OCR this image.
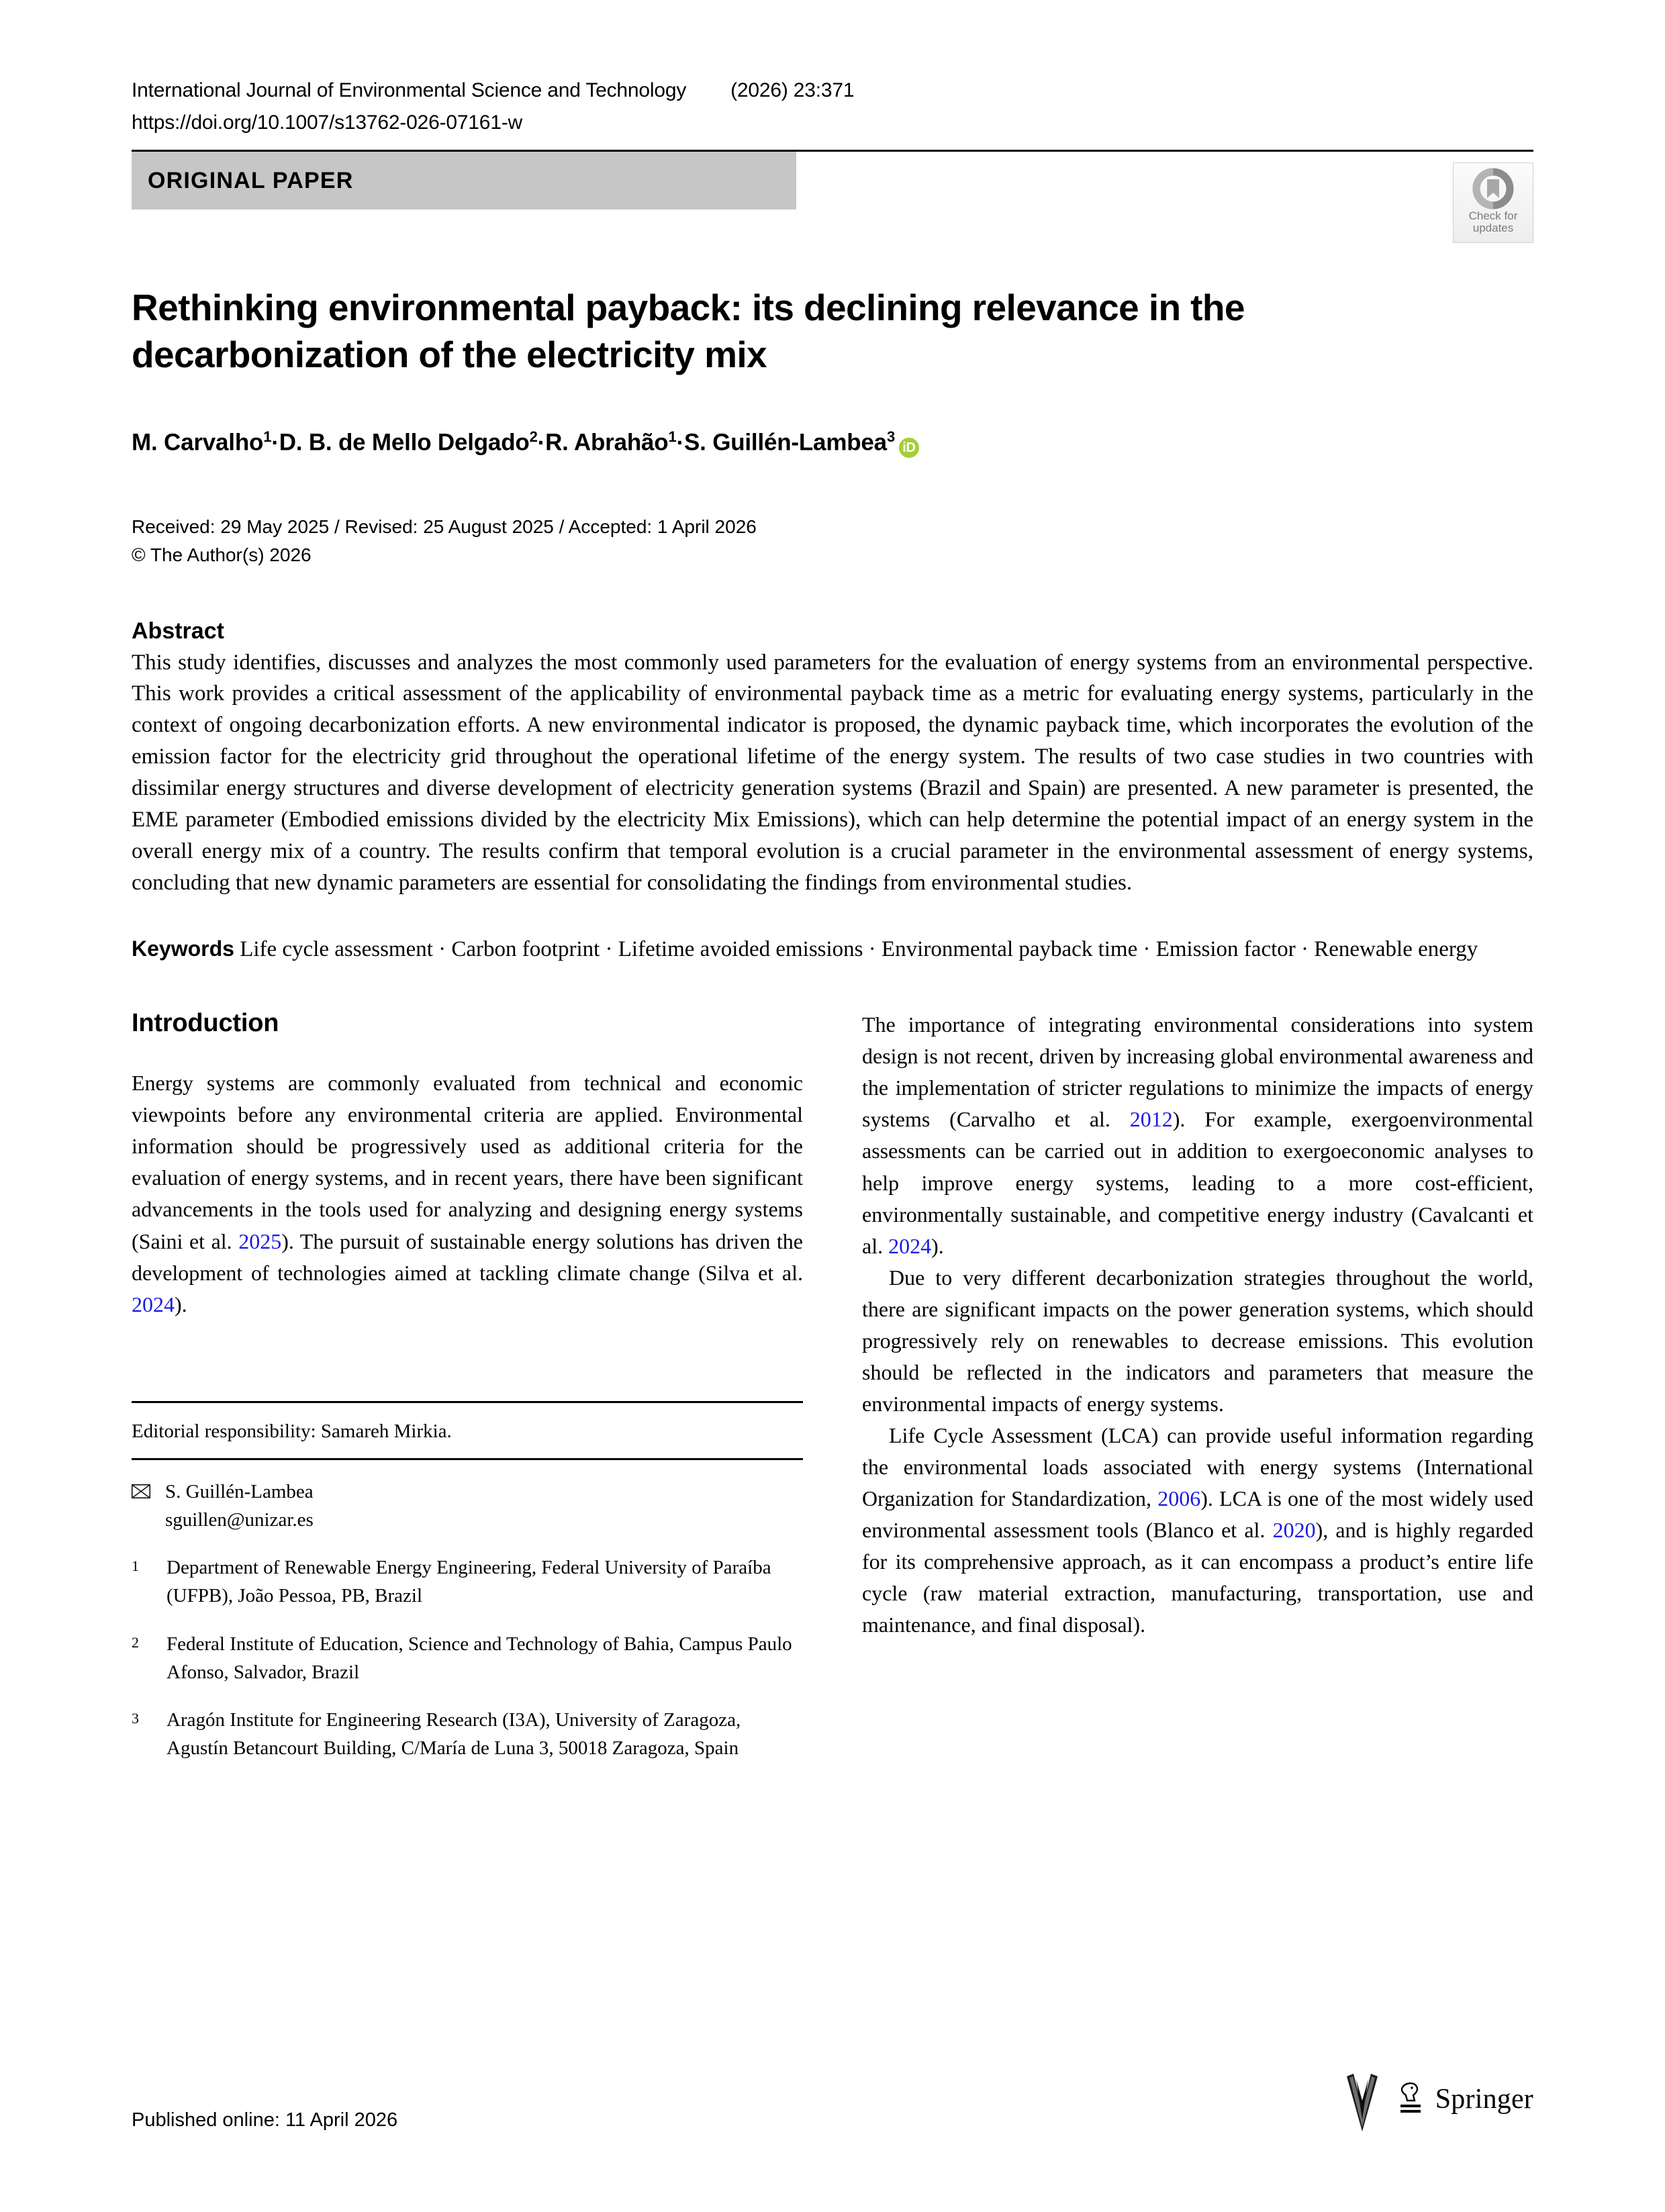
International Journal of Environmental Science and Technology (2026) 23:371
https://doi.org/10.1007/s13762-026-07161-w
ORIGINAL PAPER
Check for
updates
Rethinking environmental payback: its declining relevance in the decarbonization of the electricity mix
M. Carvalho$^1$ · D. B. de Mello Delgado$^2$ · R. Abrahão$^1$ · S. Guillén-Lambea$^3$
iD
Received: 29 May 2025 / Revised: 25 August 2025 / Accepted: 1 April 2026
© The Author(s) 2026
Abstract
This study identifies, discusses and analyzes the most commonly used parameters for the evaluation of energy systems from an environmental perspective. This work provides a critical assessment of the applicability of environmental payback time as a metric for evaluating energy systems, particularly in the context of ongoing decarbonization efforts. A new environmental indicator is proposed, the dynamic payback time, which incorporates the evolution of the emission factor for the electricity grid throughout the operational lifetime of the energy system. The results of two case studies in two countries with dissimilar energy structures and diverse development of electricity generation systems (Brazil and Spain) are presented. A new parameter is presented, the EME parameter (Embodied emissions divided by the electricity Mix Emissions), which can help determine the potential impact of an energy system in the overall energy mix of a country. The results confirm that temporal evolution is a crucial parameter in the environmental assessment of energy systems, concluding that new dynamic parameters are essential for consolidating the findings from environmental studies.
Keywords Life cycle assessment · Carbon footprint · Lifetime avoided emissions · Environmental payback time · Emission factor · Renewable energy
Introduction

Energy systems are commonly evaluated from technical and economic viewpoints before any environmental criteria are applied. Environmental information should be progressively used as additional criteria for the evaluation of energy systems, and in recent years, there have been significant advancements in the tools used for analyzing and designing energy systems (Saini et al. 2025). The pursuit of sustainable energy solutions has driven the development of technologies aimed at tackling climate change (Silva et al. 2024).

Editorial responsibility: Samareh Mirkia.
S. Guillén-Lambea
sguillen@unizar.es
1	Department of Renewable Energy Engineering, Federal University of Paraíba (UFPB), João Pessoa, PB, Brazil
2	Federal Institute of Education, Science and Technology of Bahia, Campus Paulo Afonso, Salvador, Brazil
3	Aragón Institute for Engineering Research (I3A), University of Zaragoza, Agustín Betancourt Building, C/María de Luna 3, 50018 Zaragoza, Spain

The importance of integrating environmental considerations into system design is not recent, driven by increasing global environmental awareness and the implementation of stricter regulations to minimize the impacts of energy systems (Carvalho et al. 2012). For example, exergoenvironmental assessments can be carried out in addition to exergoeconomic analyses to help improve energy systems, leading to a more cost-efficient, environmentally sustainable, and competitive energy industry (Cavalcanti et al. 2024).

Due to very different decarbonization strategies throughout the world, there are significant impacts on the power generation systems, which should progressively rely on renewables to decrease emissions. This evolution should be reflected in the indicators and parameters that measure the environmental impacts of energy systems.

Life Cycle Assessment (LCA) can provide useful information regarding the environmental loads associated with energy systems (International Organization for Standardization, 2006). LCA is one of the most widely used environmental assessment tools (Blanco et al. 2020), and is highly regarded for its comprehensive approach, as it can encompass a product’s entire life cycle (raw material extraction, manufacturing, transportation, use and maintenance, and final disposal).

Published online: 11 April 2026
Springer
